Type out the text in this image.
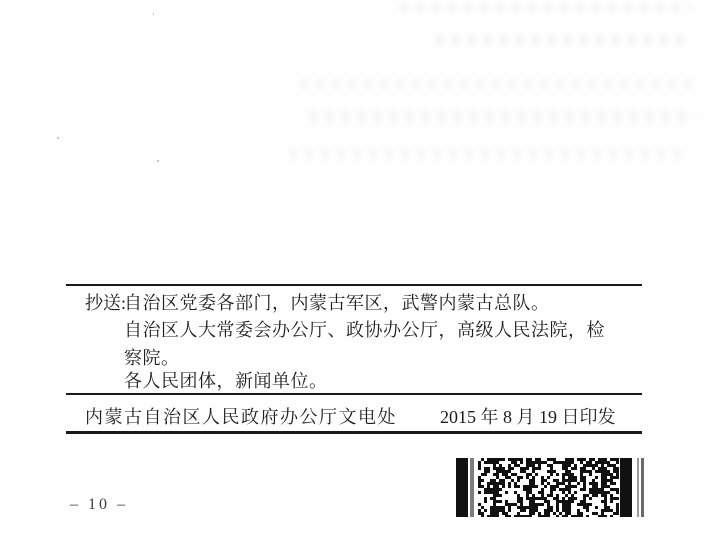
抄送:
自治区党委各部门，内蒙古军区，武警内蒙古总队。
自治区人大常委会办公厅、政协办公厅，高级人民法院，检
察院。
各人民团体，新闻单位。
内蒙古自治区人民政府办公厅文电处 2015 年 8 月 19 日印发
– 10 –
